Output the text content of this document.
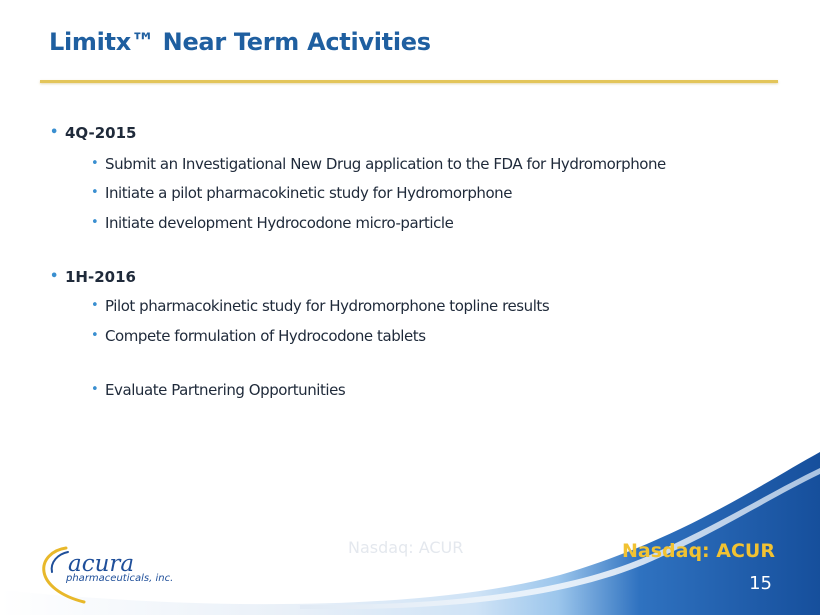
Limitx™ Near Term Activities
• 4Q-2015
• Submit an Investigational New Drug application to the FDA for Hydromorphone
• Initiate a pilot pharmacokinetic study for Hydromorphone
• Initiate development Hydrocodone micro-particle
• 1H-2016
• Pilot pharmacokinetic study for Hydromorphone topline results
• Compete formulation of Hydrocodone tablets
• Evaluate Partnering Opportunities
Nasdaq: ACUR	Nasdaq: ACUR
15
acura
pharmaceuticals, inc.
